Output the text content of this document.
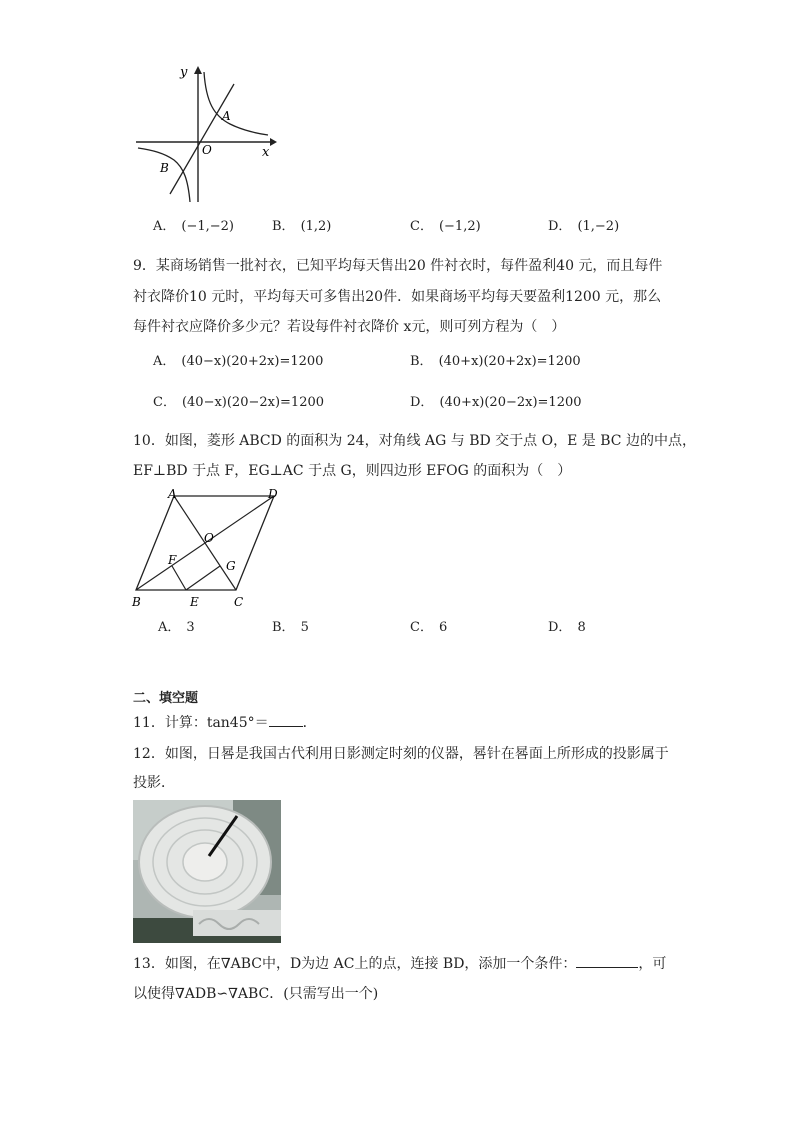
y
x
O
A
B
A． (−1,−2)	B． (1,2)	C． (−1,2)	D． (1,−2)
9．某商场销售一批衬衣，已知平均每天售出20 件衬衣时，每件盈利40 元，而且每件
衬衣降价10 元时，平均每天可多售出20件．如果商场平均每天要盈利1200 元，那么
每件衬衣应降价多少元？若设每件衬衣降价 x元，则可列方程为（　）
A． (40−x)(20+2x)=1200	B． (40+x)(20+2x)=1200
C． (40−x)(20−2x)=1200	D． (40+x)(20−2x)=1200
10．如图，菱形 ABCD 的面积为 24，对角线 AG 与 BD 交于点 O，E 是 BC 边的中点，
EF⊥BD 于点 F，EG⊥AC 于点 G，则四边形 EFOG 的面积为（　）
A	D
O
F	G
B	E	C
A． 3	B． 5	C． 6	D． 8
二、填空题
11．计算：tan45°＝ ．
12．如图，日晷是我国古代利用日影测定时刻的仪器，晷针在晷面上所形成的投影属于
投影．
13．如图，在∇ABC中，D为边 AC上的点，连接 BD，添加一个条件：	，可
以使得∇ADB∽∇ABC．(只需写出一个)
